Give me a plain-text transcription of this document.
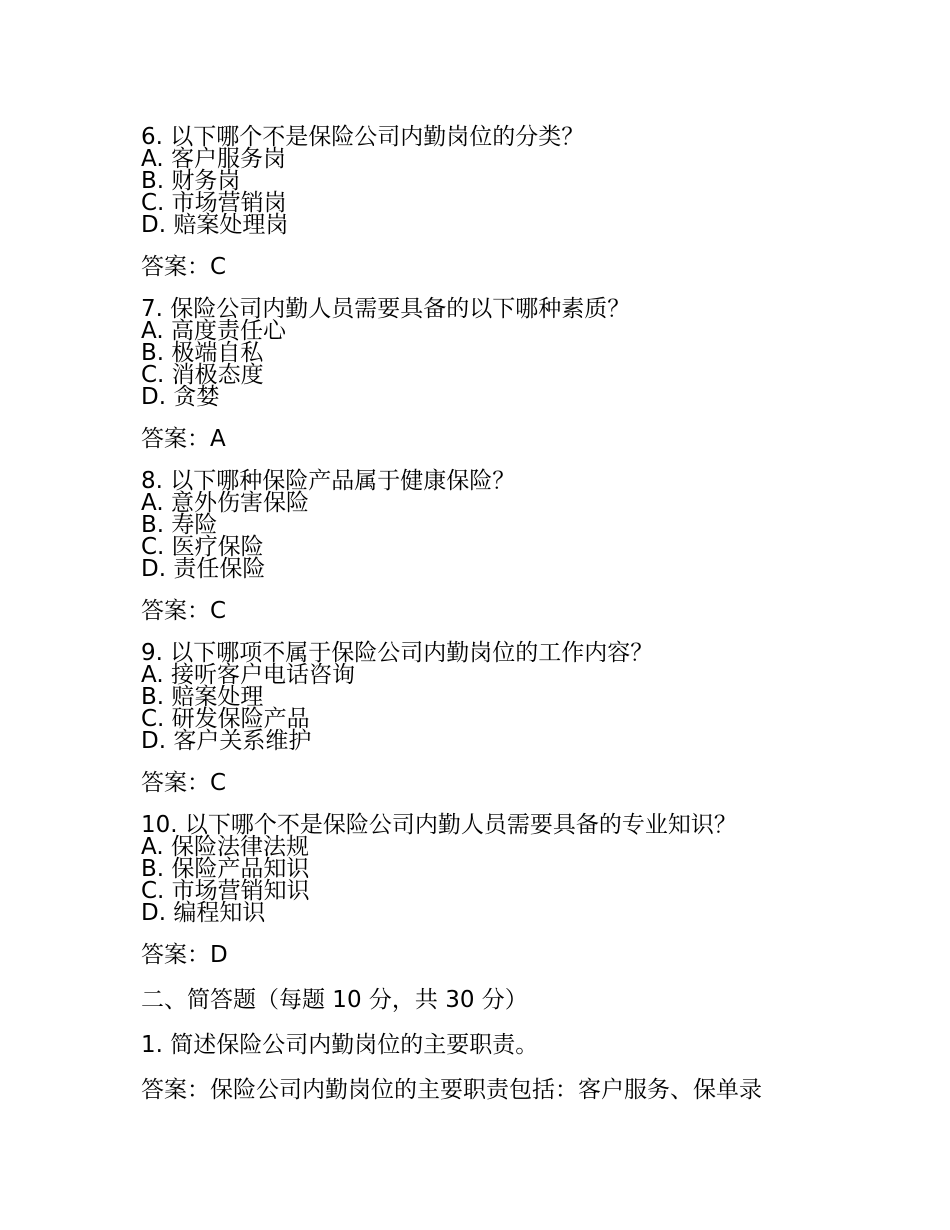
6. 以下哪个不是保险公司内勤岗位的分类？
A. 客户服务岗
B. 财务岗
C. 市场营销岗
D. 赔案处理岗
答案：C
7. 保险公司内勤人员需要具备的以下哪种素质？
A. 高度责任心
B. 极端自私
C. 消极态度
D. 贪婪
答案：A
8. 以下哪种保险产品属于健康保险？
A. 意外伤害保险
B. 寿险
C. 医疗保险
D. 责任保险
答案：C
9. 以下哪项不属于保险公司内勤岗位的工作内容？
A. 接听客户电话咨询
B. 赔案处理
C. 研发保险产品
D. 客户关系维护
答案：C
10. 以下哪个不是保险公司内勤人员需要具备的专业知识？
A. 保险法律法规
B. 保险产品知识
C. 市场营销知识
D. 编程知识
答案：D
二、简答题（每题 10 分，共 30 分）
1. 简述保险公司内勤岗位的主要职责。
答案：保险公司内勤岗位的主要职责包括：客户服务、保单录
